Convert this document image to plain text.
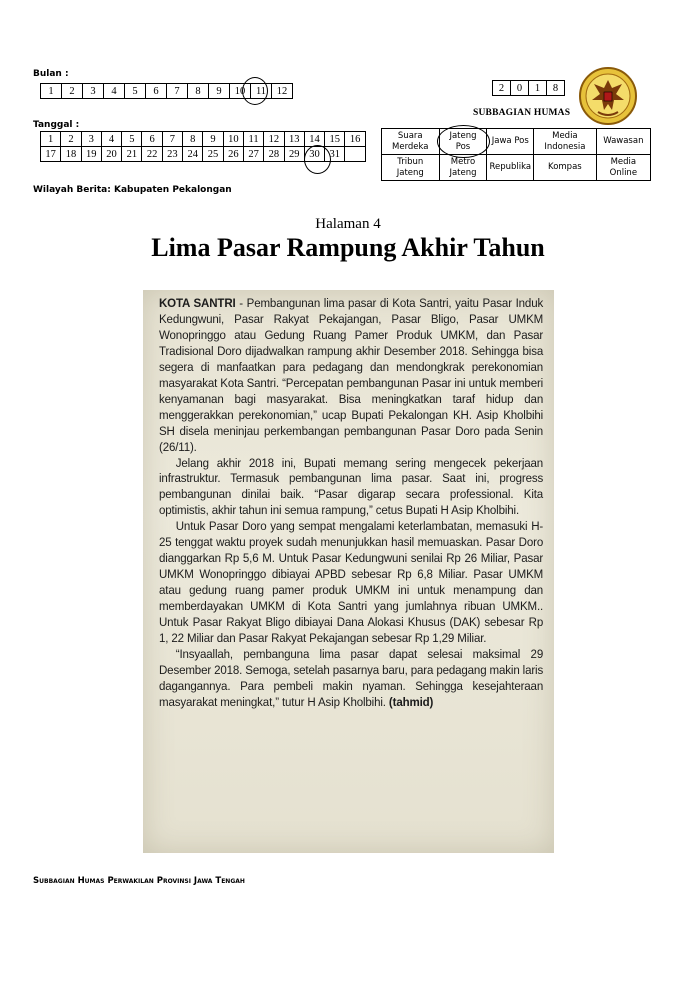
Bulan :
1	2	3	4	5	6	7	8	9	10	11	12
Tanggal :
1	2	3	4	5	6	7	8	9	10	11	12	13	14	15	16
17	18	19	20	21	22	23	24	25	26	27	28	29	30	31	
2	0	1	8
SUBBAGIAN HUMAS
Suara Merdeka	Jateng Pos	Jawa Pos	Media Indonesia	Wawasan
Tribun Jateng	Metro Jateng	Republika	Kompas	Media Online
Wilayah Berita: Kabupaten Pekalongan
Halaman 4
Lima Pasar Rampung Akhir Tahun

KOTA SANTRI - Pembangunan lima pasar di Kota Santri, yaitu Pasar Induk Kedungwuni, Pasar Rakyat Pekajangan, Pasar Bligo, Pasar UMKM Wonopringgo atau Gedung Ruang Pamer Produk UMKM, dan Pasar Tradisional Doro dijadwalkan rampung akhir Desember 2018. Sehingga bisa segera di manfaatkan para pedagang dan mendongkrak perekonomian masyarakat Kota Santri. “Percepatan pembangunan Pasar ini untuk memberi kenyamanan bagi masyarakat. Bisa meningkatkan taraf hidup dan menggerakkan perekonomian,” ucap Bupati Pekalongan KH. Asip Kholbihi SH disela meninjau perkembangan pembangunan Pasar Doro pada Senin (26/11).

Jelang akhir 2018 ini, Bupati memang sering mengecek pekerjaan infrastruktur. Termasuk pembangunan lima pasar. Saat ini, progress pembangunan dinilai baik. “Pasar digarap secara professional. Kita optimistis, akhir tahun ini semua rampung,” cetus Bupati H Asip Kholbihi.

Untuk Pasar Doro yang sempat mengalami keterlambatan, memasuki H-25 tenggat waktu proyek sudah menunjukkan hasil memuaskan. Pasar Doro dianggarkan Rp 5,6 M. Untuk Pasar Kedungwuni senilai Rp 26 Miliar, Pasar UMKM Wonopringgo dibiayai APBD sebesar Rp 6,8 Miliar. Pasar UMKM atau gedung ruang pamer produk UMKM ini untuk menampung dan memberdayakan UMKM di Kota Santri yang jumlahnya ribuan UMKM.. Untuk Pasar Rakyat Bligo dibiayai Dana Alokasi Khusus (DAK) sebesar Rp 1, 22 Miliar dan Pasar Rakyat Pekajangan sebesar Rp 1,29 Miliar.

“Insyaallah, pembanguna lima pasar dapat selesai maksimal 29 Desember 2018. Semoga, setelah pasarnya baru, para pedagang makin laris dagangannya. Para pembeli makin nyaman. Sehingga kesejahteraan masyarakat meningkat,” tutur H Asip Kholbihi. (tahmid)

Subbagian Humas Perwakilan Provinsi Jawa Tengah
